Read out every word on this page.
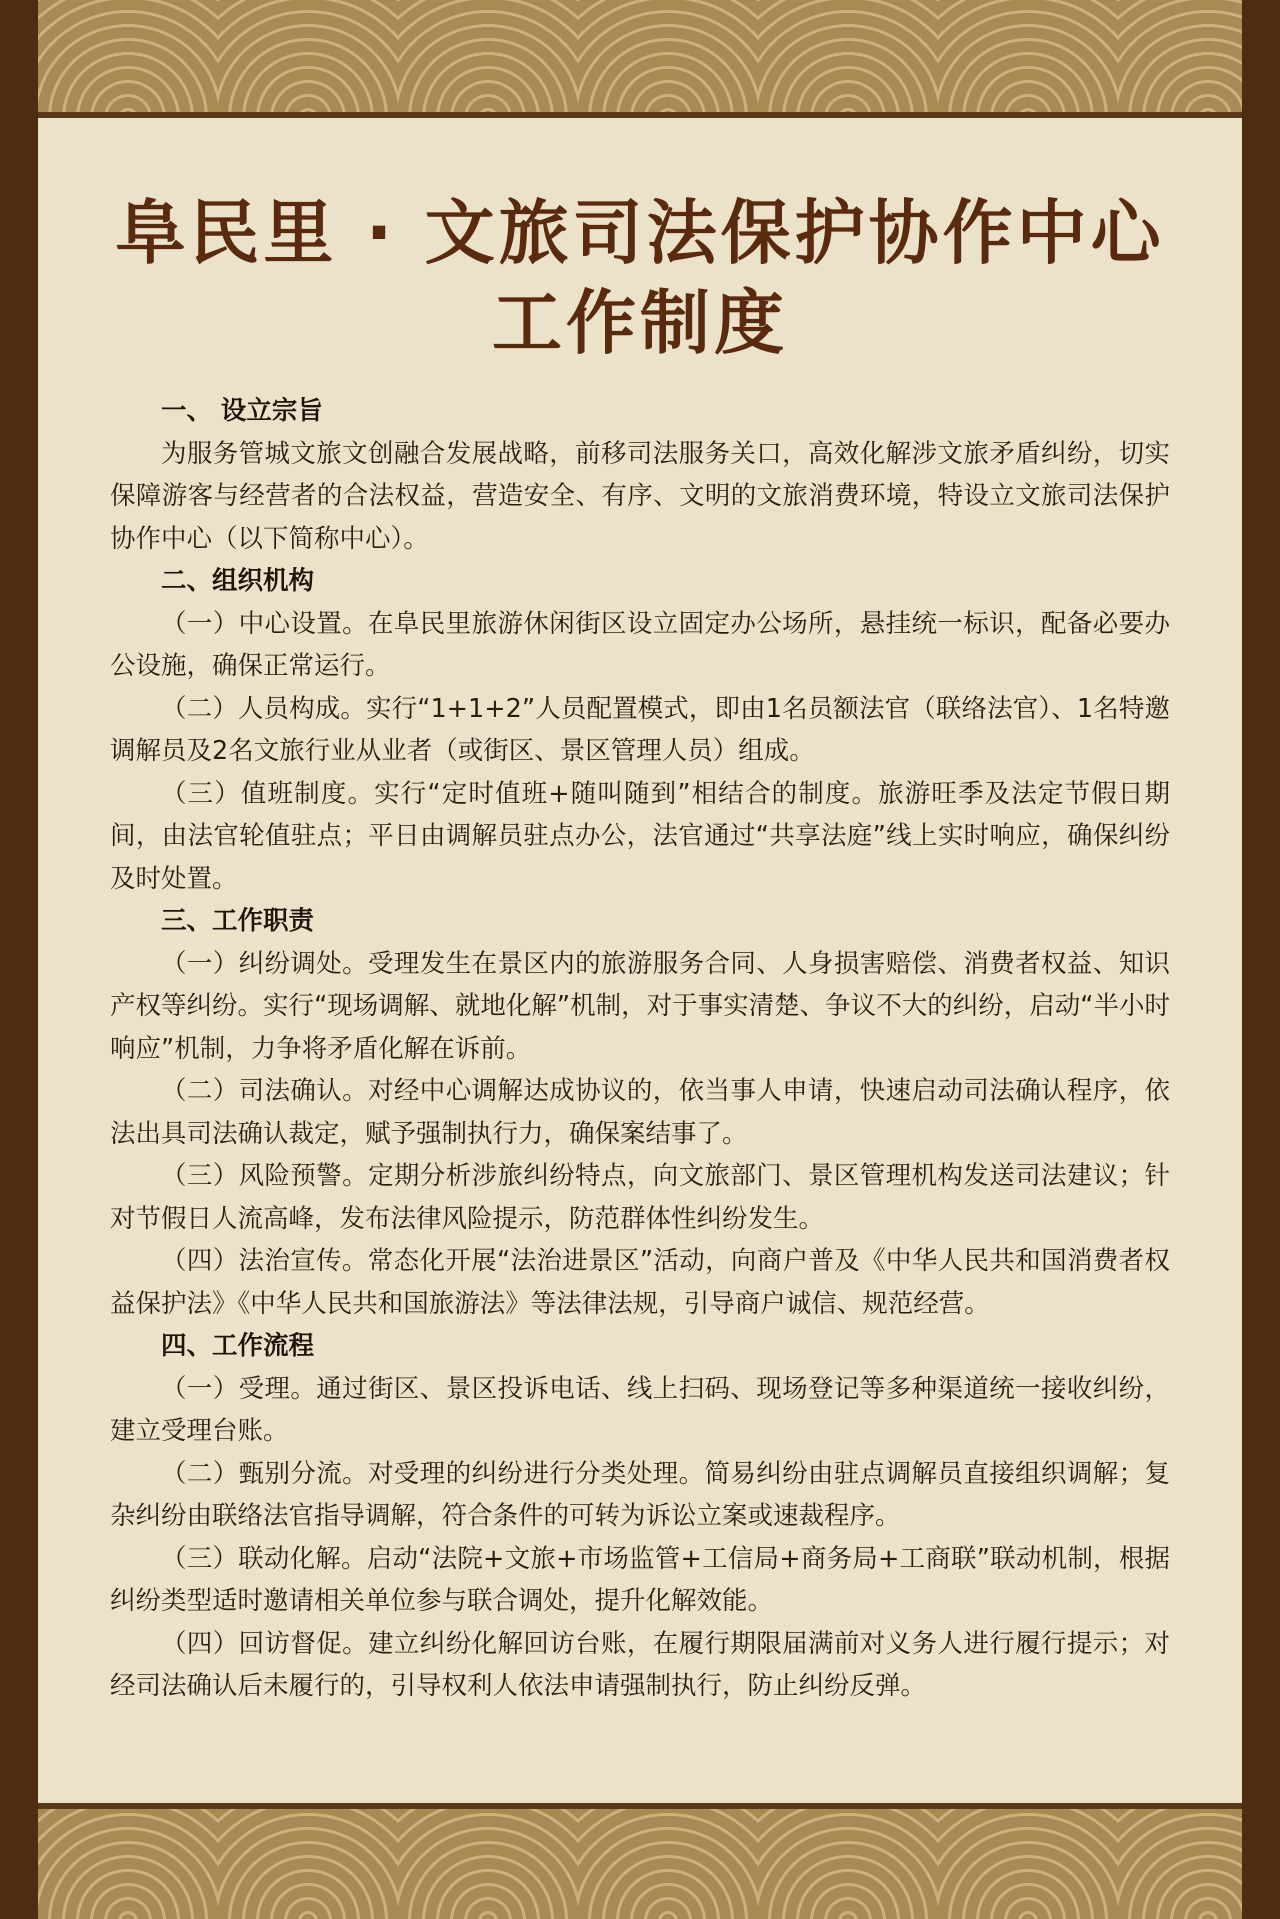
阜民里 · 文旅司法保护协作中心
工作制度
一、 设立宗旨

为服务管城文旅文创融合发展战略，前移司法服务关口，高效化解涉文旅矛盾纠纷，切实保障游客与经营者的合法权益，营造安全、有序、文明的文旅消费环境，特设立文旅司法保护协作中心（以下简称中心）。

二、组织机构

（一）中心设置。在阜民里旅游休闲街区设立固定办公场所，悬挂统一标识，配备必要办公设施，确保正常运行。

（二）人员构成。实行“1+1+2”人员配置模式，即由1名员额法官（联络法官）、1名特邀调解员及2名文旅行业从业者（或街区、景区管理人员）组成。

（三）值班制度。实行“定时值班+随叫随到”相结合的制度。旅游旺季及法定节假日期间，由法官轮值驻点；平日由调解员驻点办公，法官通过“共享法庭”线上实时响应，确保纠纷及时处置。

三、工作职责

（一）纠纷调处。受理发生在景区内的旅游服务合同、人身损害赔偿、消费者权益、知识产权等纠纷。实行“现场调解、就地化解”机制，对于事实清楚、争议不大的纠纷，启动“半小时响应”机制，力争将矛盾化解在诉前。

（二）司法确认。对经中心调解达成协议的，依当事人申请，快速启动司法确认程序，依法出具司法确认裁定，赋予强制执行力，确保案结事了。

（三）风险预警。定期分析涉旅纠纷特点，向文旅部门、景区管理机构发送司法建议；针对节假日人流高峰，发布法律风险提示，防范群体性纠纷发生。

（四）法治宣传。常态化开展“法治进景区”活动，向商户普及《中华人民共和国消费者权益保护法》《中华人民共和国旅游法》等法律法规，引导商户诚信、规范经营。

四、工作流程

（一）受理。通过街区、景区投诉电话、线上扫码、现场登记等多种渠道统一接收纠纷，建立受理台账。

（二）甄别分流。对受理的纠纷进行分类处理。简易纠纷由驻点调解员直接组织调解；复杂纠纷由联络法官指导调解，符合条件的可转为诉讼立案或速裁程序。

（三）联动化解。启动“法院+文旅+市场监管+工信局+商务局+工商联”联动机制，根据纠纷类型适时邀请相关单位参与联合调处，提升化解效能。

（四）回访督促。建立纠纷化解回访台账，在履行期限届满前对义务人进行履行提示；对经司法确认后未履行的，引导权利人依法申请强制执行，防止纠纷反弹。
